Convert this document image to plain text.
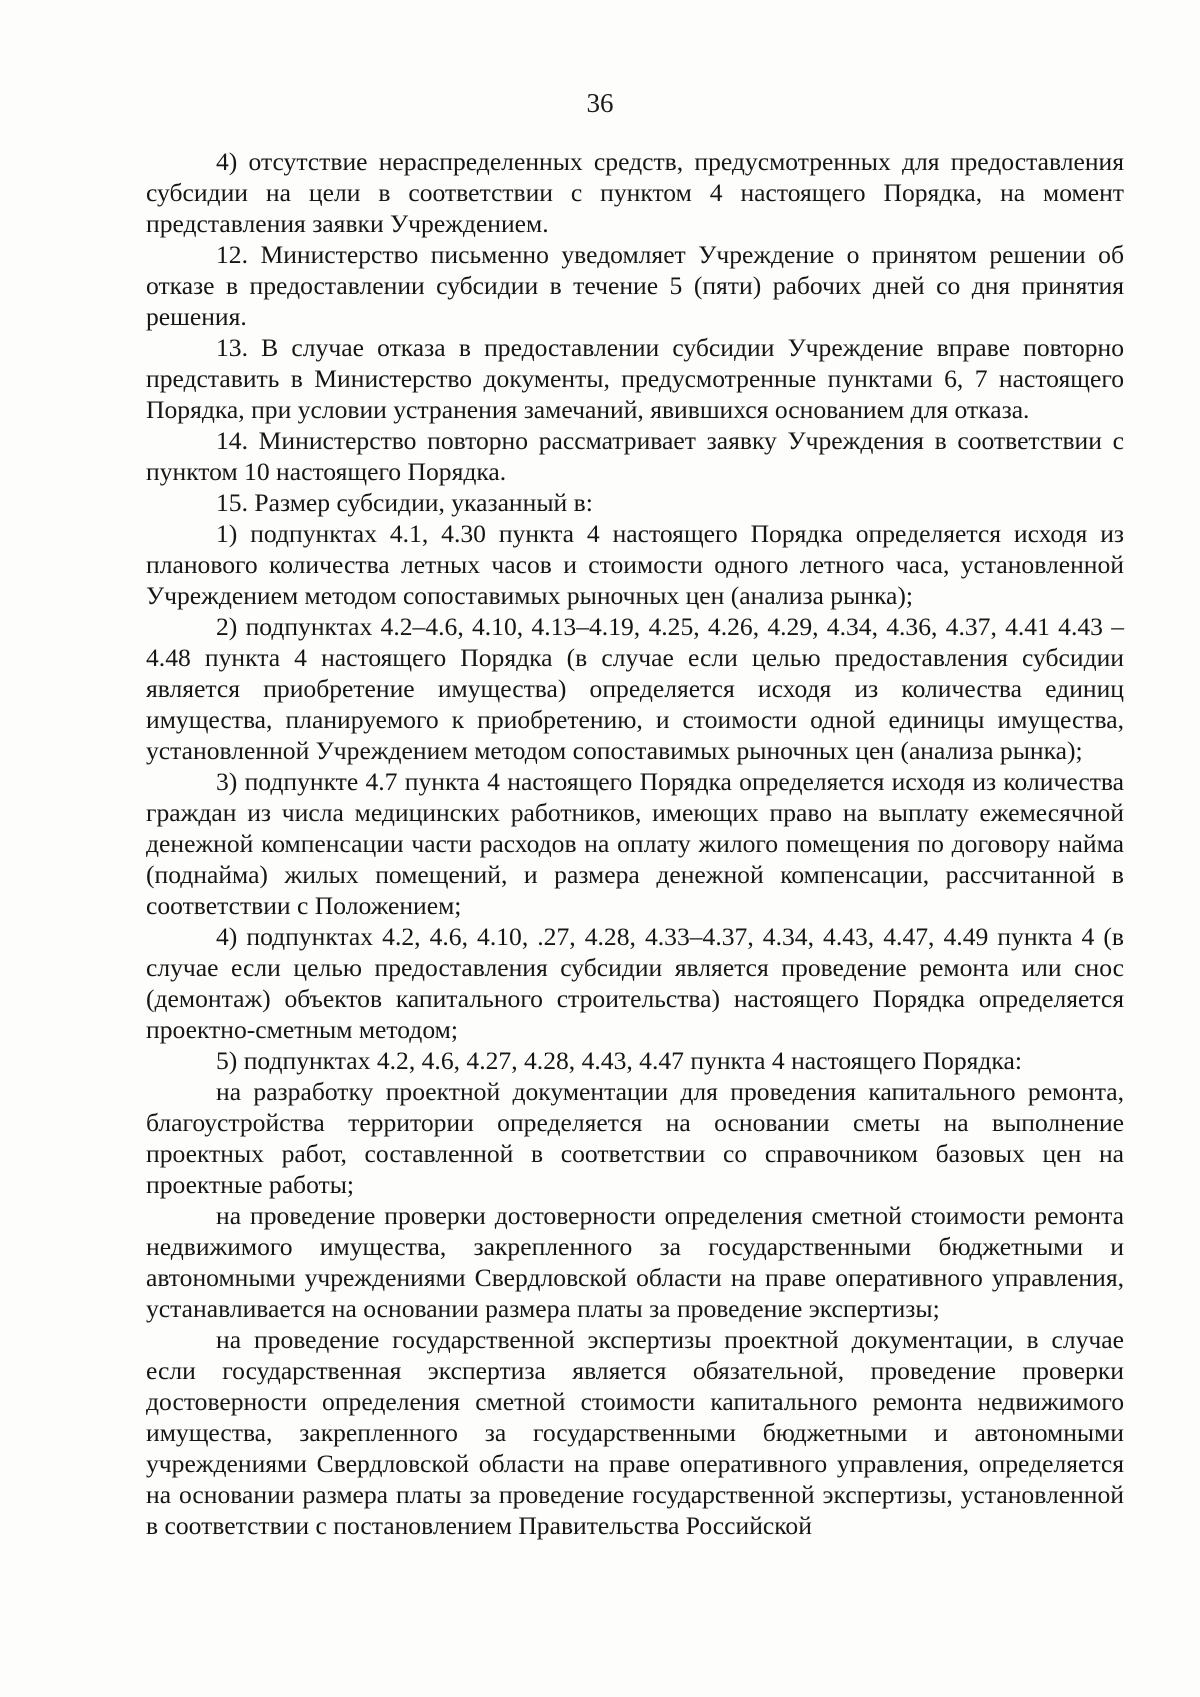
36

4) отсутствие нераспределенных средств, предусмотренных для предоставления субсидии на цели в соответствии с пунктом 4 настоящего Порядка, на момент представления заявки Учреждением.

12. Министерство письменно уведомляет Учреждение о принятом решении об отказе в предоставлении субсидии в течение 5 (пяти) рабочих дней со дня принятия решения.

13. В случае отказа в предоставлении субсидии Учреждение вправе повторно представить в Министерство документы, предусмотренные пунктами 6, 7 настоящего Порядка, при условии устранения замечаний, явившихся основанием для отказа.

14. Министерство повторно рассматривает заявку Учреждения в соответствии с пунктом 10 настоящего Порядка.

15. Размер субсидии, указанный в:

1) подпунктах 4.1, 4.30 пункта 4 настоящего Порядка определяется исходя из планового количества летных часов и стоимости одного летного часа, установленной Учреждением методом сопоставимых рыночных цен (анализа рынка);

2) подпунктах 4.2–4.6, 4.10, 4.13–4.19, 4.25, 4.26, 4.29, 4.34, 4.36, 4.37, 4.41 4.43 – 4.48 пункта 4 настоящего Порядка (в случае если целью предоставления субсидии является приобретение имущества) определяется исходя из количества единиц имущества, планируемого к приобретению, и стоимости одной единицы имущества, установленной Учреждением методом сопоставимых рыночных цен (анализа рынка);

3) подпункте 4.7 пункта 4 настоящего Порядка определяется исходя из количества граждан из числа медицинских работников, имеющих право на выплату ежемесячной денежной компенсации части расходов на оплату жилого помещения по договору найма (поднайма) жилых помещений, и размера денежной компенсации, рассчитанной в соответствии с Положением;

4) подпунктах 4.2, 4.6, 4.10, .27, 4.28, 4.33–4.37, 4.34, 4.43, 4.47, 4.49 пункта 4 (в случае если целью предоставления субсидии является проведение ремонта или снос (демонтаж) объектов капитального строительства) настоящего Порядка определяется проектно-сметным методом;

5) подпунктах 4.2, 4.6, 4.27, 4.28, 4.43, 4.47 пункта 4 настоящего Порядка:

на разработку проектной документации для проведения капитального ремонта, благоустройства территории определяется на основании сметы на выполнение проектных работ, составленной в соответствии со справочником базовых цен на проектные работы;

на проведение проверки достоверности определения сметной стоимости ремонта недвижимого имущества, закрепленного за государственными бюджетными и автономными учреждениями Свердловской области на праве оперативного управления, устанавливается на основании размера платы за проведение экспертизы;

на проведение государственной экспертизы проектной документации, в случае если государственная экспертиза является обязательной, проведение проверки достоверности определения сметной стоимости капитального ремонта недвижимого имущества, закрепленного за государственными бюджетными и автономными учреждениями Свердловской области на праве оперативного управления, определяется на основании размера платы за проведение государственной экспертизы, установленной в соответствии с постановлением Правительства Российской
